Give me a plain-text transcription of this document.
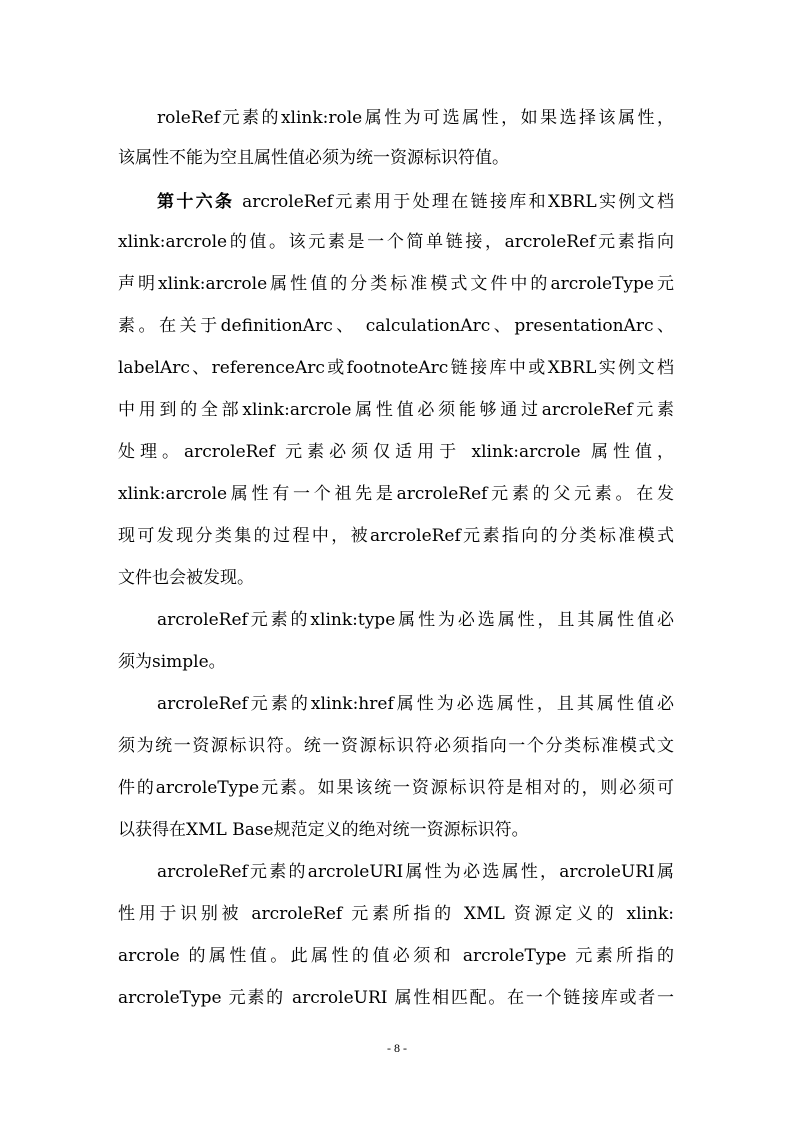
roleRef元素的xlink:role属性为可选属性，如果选择该属性，
该属性不能为空且属性值必须为统一资源标识符值。
第十六条 arcroleRef元素用于处理在链接库和XBRL实例文档
xlink:arcrole的值。该元素是一个简单链接，arcroleRef元素指向
声明xlink:arcrole属性值的分类标准模式文件中的arcroleType元
素。在关于definitionArc、 calculationArc、presentationArc、
labelArc、referenceArc或footnoteArc链接库中或XBRL实例文档
中用到的全部xlink:arcrole属性值必须能够通过arcroleRef元素
处理。arcroleRef 元素必须仅适用于 xlink:arcrole 属性值，
xlink:arcrole属性有一个祖先是arcroleRef元素的父元素。在发
现可发现分类集的过程中，被arcroleRef元素指向的分类标准模式
文件也会被发现。
arcroleRef元素的xlink:type属性为必选属性，且其属性值必
须为simple。
arcroleRef元素的xlink:href属性为必选属性，且其属性值必
须为统一资源标识符。统一资源标识符必须指向一个分类标准模式文
件的arcroleType元素。如果该统一资源标识符是相对的，则必须可
以获得在XML Base规范定义的绝对统一资源标识符。
arcroleRef元素的arcroleURI属性为必选属性，arcroleURI属
性用于识别被 arcroleRef 元素所指的 XML 资源定义的 xlink:
arcrole 的属性值。此属性的值必须和 arcroleType 元素所指的
arcroleType 元素的 arcroleURI 属性相匹配。在一个链接库或者一
- 8 -
